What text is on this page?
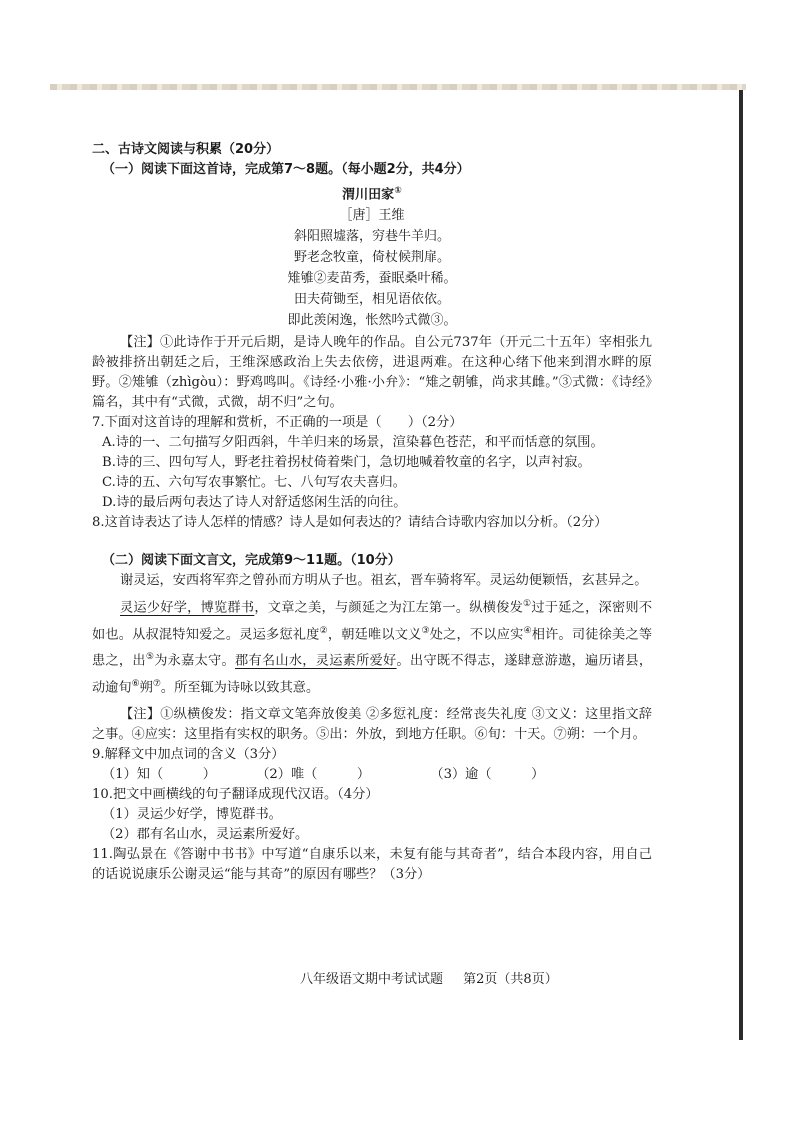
二、古诗文阅读与积累（20分）
（一）阅读下面这首诗，完成第7～8题。（每小题2分，共4分）
渭川田家①
［唐］王维
斜阳照墟落，穷巷牛羊归。
野老念牧童，倚杖候荆扉。
雉雊②麦苗秀，蚕眠桑叶稀。
田夫荷锄至，相见语依依。
即此羡闲逸，怅然吟式微③。
【注】①此诗作于开元后期，是诗人晚年的作品。自公元737年（开元二十五年）宰相张九龄被排挤出朝廷之后，王维深感政治上失去依傍，进退两难。在这种心绪下他来到渭水畔的原野。②雉雊（zhìgòu）：野鸡鸣叫。《诗经·小雅·小弁》：“雉之朝雊，尚求其雌。”③式微：《诗经》篇名，其中有“式微，式微，胡不归”之句。
7.下面对这首诗的理解和赏析，不正确的一项是（　　）（2分）
A.诗的一、二句描写夕阳西斜，牛羊归来的场景，渲染暮色苍茫，和平而恬意的氛围。
B.诗的三、四句写人，野老拄着拐杖倚着柴门，急切地喊着牧童的名字，以声衬寂。
C.诗的五、六句写农事繁忙。七、八句写农夫喜归。
D.诗的最后两句表达了诗人对舒适悠闲生活的向往。
8.这首诗表达了诗人怎样的情感？诗人是如何表达的？请结合诗歌内容加以分析。（2分）
（二）阅读下面文言文，完成第9～11题。（10分）
谢灵运，安西将军弈之曾孙而方明从子也。祖玄，晋车骑将军。灵运幼便颖悟，玄甚异之。
灵运少好学，博览群书，文章之美，与颜延之为江左第一。纵横俊发①过于延之，深密则不如也。从叔混特知爱之。灵运多愆礼度②，朝廷唯以文义③处之，不以应实④相许。司徒徐美之等患之，出⑤为永嘉太守。郡有名山水，灵运素所爱好。出守既不得志，遂肆意游遨，遍历诸县，动逾旬⑥朔⑦。所至辄为诗咏以致其意。
【注】①纵横俊发：指文章文笔奔放俊美 ②多愆礼度：经常丧失礼度 ③文义：这里指文辞之事。④应实：这里指有实权的职务。⑤出：外放，到地方任职。⑥旬：十天。⑦朔：一个月。
9.解释文中加点词的含义（3分）
（1）知（　　　）	（2）唯（　　　）	（3）逾（　　　）
10.把文中画横线的句子翻译成现代汉语。（4分）
（1）灵运少好学，博览群书。
（2）郡有名山水，灵运素所爱好。
11.陶弘景在《答谢中书书》中写道“自康乐以来，未复有能与其奇者”，结合本段内容，用自己的话说说康乐公谢灵运“能与其奇”的原因有哪些？（3分）
八年级语文期中考试试题 第2页（共8页）
